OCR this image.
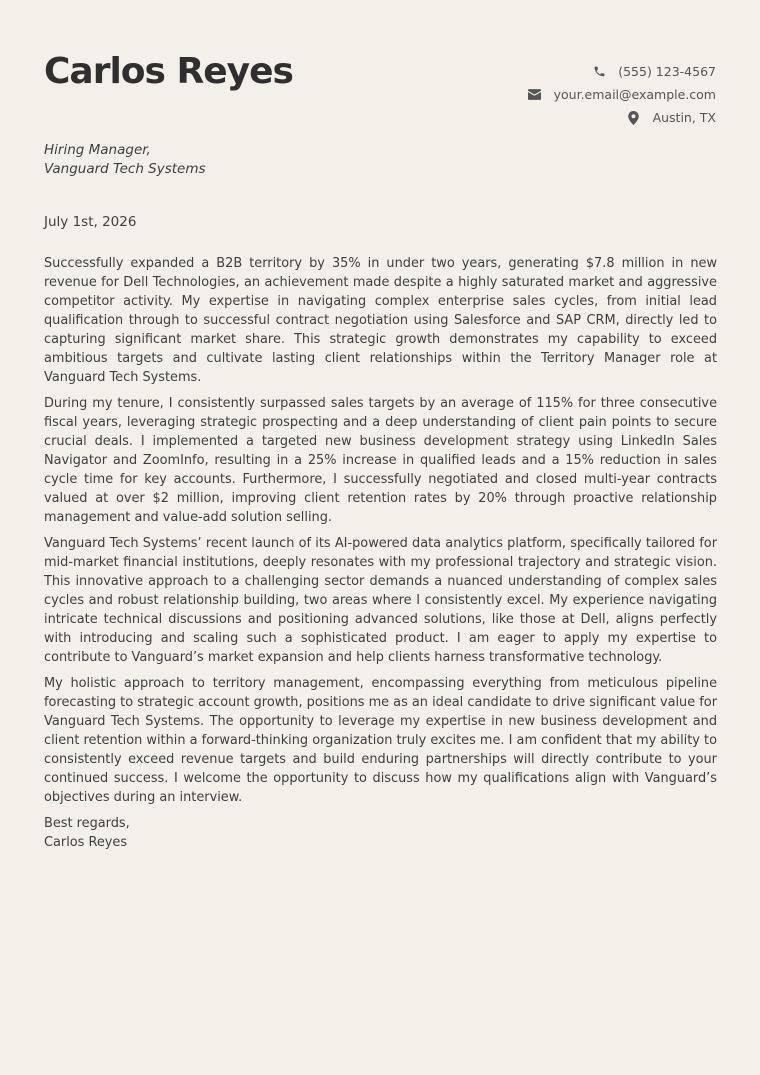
Carlos Reyes	(555) 123-4567
your.email@example.com
Austin, TX
Hiring Manager,
Vanguard Tech Systems
July 1st, 2026

Successfully expanded a B2B territory by 35% in under two years, generating $7.8 million in new revenue for Dell Technologies, an achievement made despite a highly saturated market and aggressive competitor activity. My expertise in navigating complex enterprise sales cycles, from initial lead qualification through to successful contract negotiation using Salesforce and SAP CRM, directly led to capturing significant market share. This strategic growth demonstrates my capability to exceed ambitious targets and cultivate lasting client relationships within the Territory Manager role at Vanguard Tech Systems.

During my tenure, I consistently surpassed sales targets by an average of 115% for three consecutive fiscal years, leveraging strategic prospecting and a deep understanding of client pain points to secure crucial deals. I implemented a targeted new business development strategy using LinkedIn Sales Navigator and ZoomInfo, resulting in a 25% increase in qualified leads and a 15% reduction in sales cycle time for key accounts. Furthermore, I successfully negotiated and closed multi-year contracts valued at over $2 million, improving client retention rates by 20% through proactive relationship management and value-add solution selling.

Vanguard Tech Systems’ recent launch of its AI-powered data analytics platform, specifically tailored for mid-market financial institutions, deeply resonates with my professional trajectory and strategic vision. This innovative approach to a challenging sector demands a nuanced understanding of complex sales cycles and robust relationship building, two areas where I consistently excel. My experience navigating intricate technical discussions and positioning advanced solutions, like those at Dell, aligns perfectly with introducing and scaling such a sophisticated product. I am eager to apply my expertise to contribute to Vanguard’s market expansion and help clients harness transformative technology.

My holistic approach to territory management, encompassing everything from meticulous pipeline forecasting to strategic account growth, positions me as an ideal candidate to drive significant value for Vanguard Tech Systems. The opportunity to leverage my expertise in new business development and client retention within a forward-thinking organization truly excites me. I am confident that my ability to consistently exceed revenue targets and build enduring partnerships will directly contribute to your continued success. I welcome the opportunity to discuss how my qualifications align with Vanguard’s objectives during an interview.

Best regards,
Carlos Reyes
